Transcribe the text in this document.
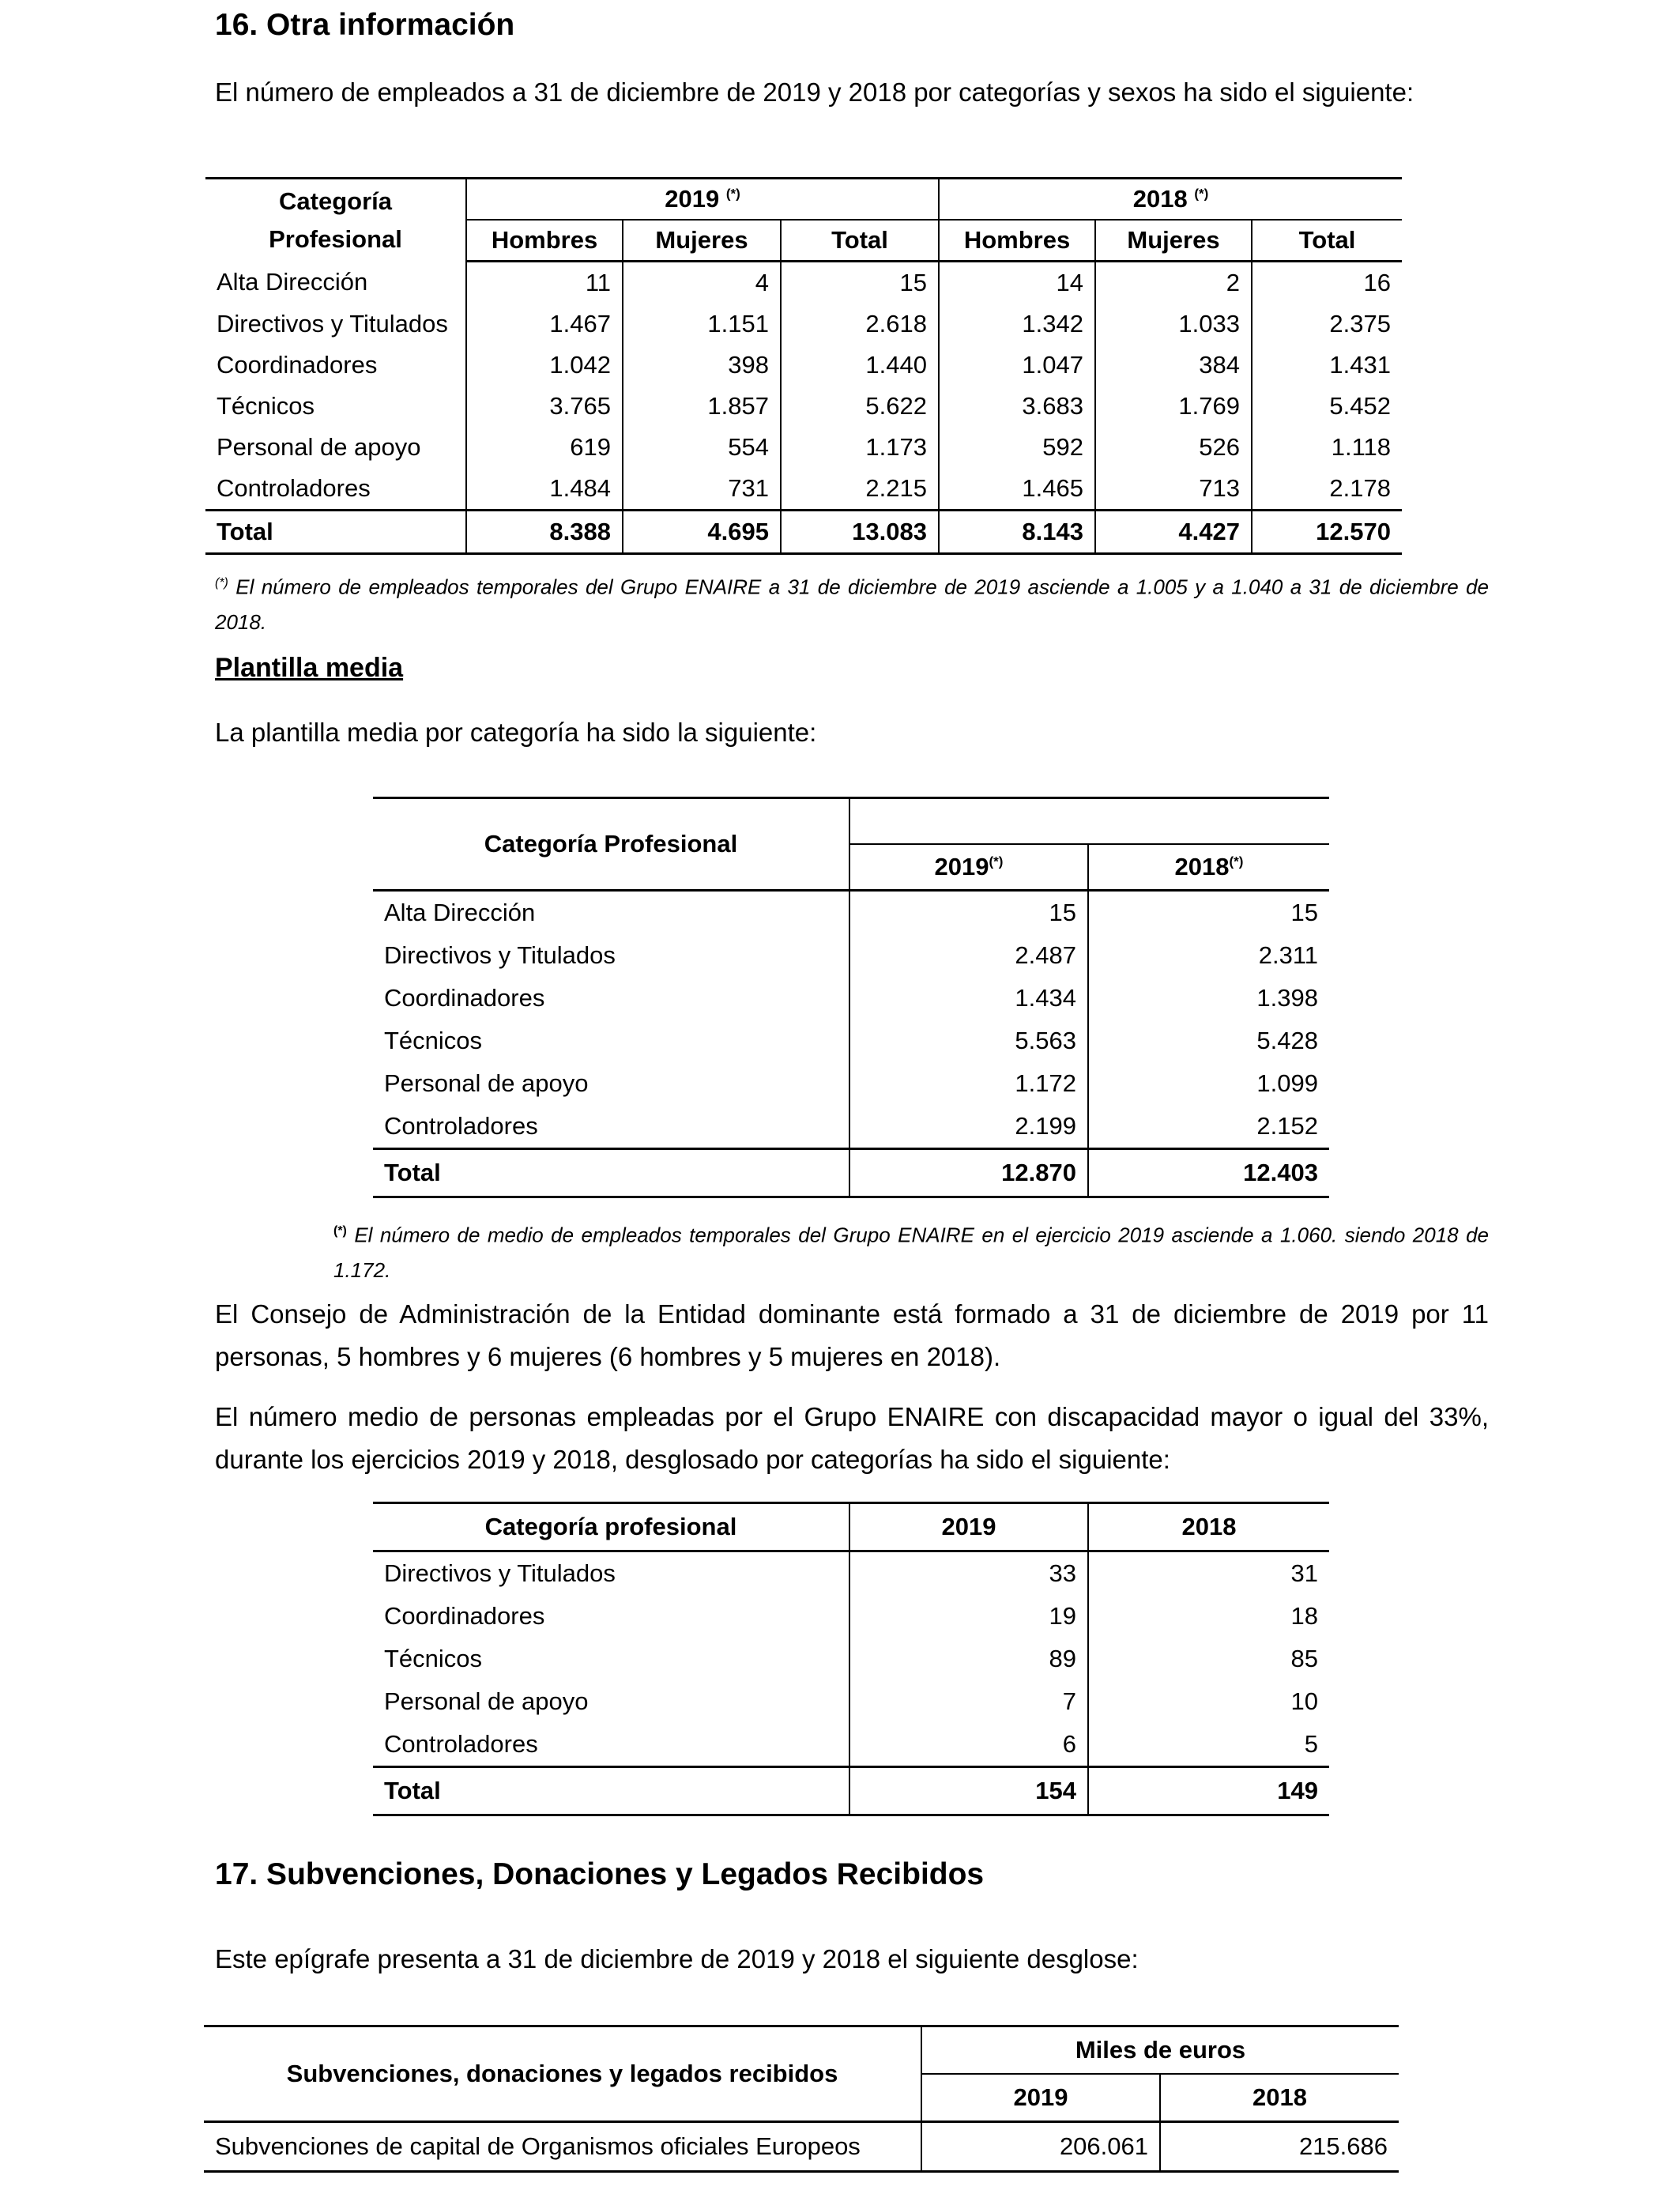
16. Otra información
El número de empleados a 31 de diciembre de 2019 y 2018 por categorías y sexos ha sido el siguiente:
Categoría
Profesional	2019 (*)			2018 (*)
	Hombres	Mujeres	Total	Hombres	Mujeres	Total
Alta Dirección	11	4	15	14	2	16
Directivos y Titulados	1.467	1.151	2.618	1.342	1.033	2.375
Coordinadores	1.042	398	1.440	1.047	384	1.431
Técnicos	3.765	1.857	5.622	3.683	1.769	5.452
Personal de apoyo	619	554	1.173	592	526	1.118
Controladores	1.484	731	2.215	1.465	713	2.178
Total	8.388	4.695	13.083	8.143	4.427	12.570
(*) El número de empleados temporales del Grupo ENAIRE a 31 de diciembre de 2019 asciende a 1.005 y a 1.040 a 31 de diciembre de 2018.
Plantilla media
La plantilla media por categoría ha sido la siguiente:
Categoría Profesional		
	2019(*)	2018(*)
Alta Dirección	15	15
Directivos y Titulados	2.487	2.311
Coordinadores	1.434	1.398
Técnicos	5.563	5.428
Personal de apoyo	1.172	1.099
Controladores	2.199	2.152
Total	12.870	12.403
(*) El número de medio de empleados temporales del Grupo ENAIRE en el ejercicio 2019 asciende a 1.060. siendo 2018 de 1.172.
El Consejo de Administración de la Entidad dominante está formado a 31 de diciembre de 2019 por 11 personas, 5 hombres y 6 mujeres (6 hombres y 5 mujeres en 2018).
El número medio de personas empleadas por el Grupo ENAIRE con discapacidad mayor o igual del 33%, durante los ejercicios 2019 y 2018, desglosado por categorías ha sido el siguiente:
Categoría profesional	2019	2018
Directivos y Titulados	33	31
Coordinadores	19	18
Técnicos	89	85
Personal de apoyo	7	10
Controladores	6	5
Total	154	149
17. Subvenciones, Donaciones y Legados Recibidos
Este epígrafe presenta a 31 de diciembre de 2019 y 2018 el siguiente desglose:
Subvenciones, donaciones y legados recibidos	Miles de euros	
	2019	2018
Subvenciones de capital de Organismos oficiales Europeos	206.061	215.686
